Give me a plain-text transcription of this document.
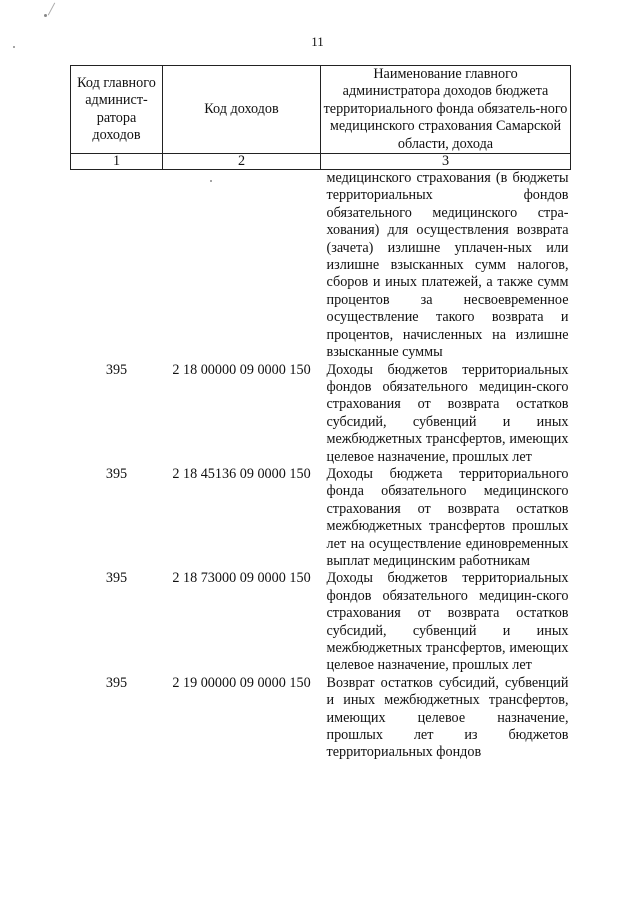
11
Код главного админист-ратора доходов	Код доходов	Наименование главного администратора доходов бюджета территориального фонда обязатель-ного медицинского страхования Самарской области, дохода
1	2	3

		медицинского страхования (в бюджеты территориальных фондов обязательного медицинского стра-хования) для осуществления возврата (зачета) излишне уплачен-ных или излишне взысканных сумм налогов, сборов и иных платежей, а также сумм процентов за несвоевременное осуществление такого возврата и процентов, начисленных на излишне взысканные суммы

395	2 18 00000 09 0000 150	Доходы бюджетов территориальных фондов обязательного медицин-ского страхования от возврата остатков субсидий, субвенций и иных межбюджетных трансфертов, имеющих целевое назначение, прошлых лет

395	2 18 45136 09 0000 150	Доходы бюджета территориального фонда обязательного медицинского страхования от возврата остатков межбюджетных трансфертов прошлых лет на осуществление единовременных выплат медицинским работникам

395	2 18 73000 09 0000 150	Доходы бюджетов территориальных фондов обязательного медицин-ского страхования от возврата остатков субсидий, субвенций и иных межбюджетных трансфертов, имеющих целевое назначение, прошлых лет

395	2 19 00000 09 0000 150	Возврат остатков субсидий, субвенций и иных межбюджетных трансфертов, имеющих целевое назначение, прошлых лет из бюджетов территориальных фондов
